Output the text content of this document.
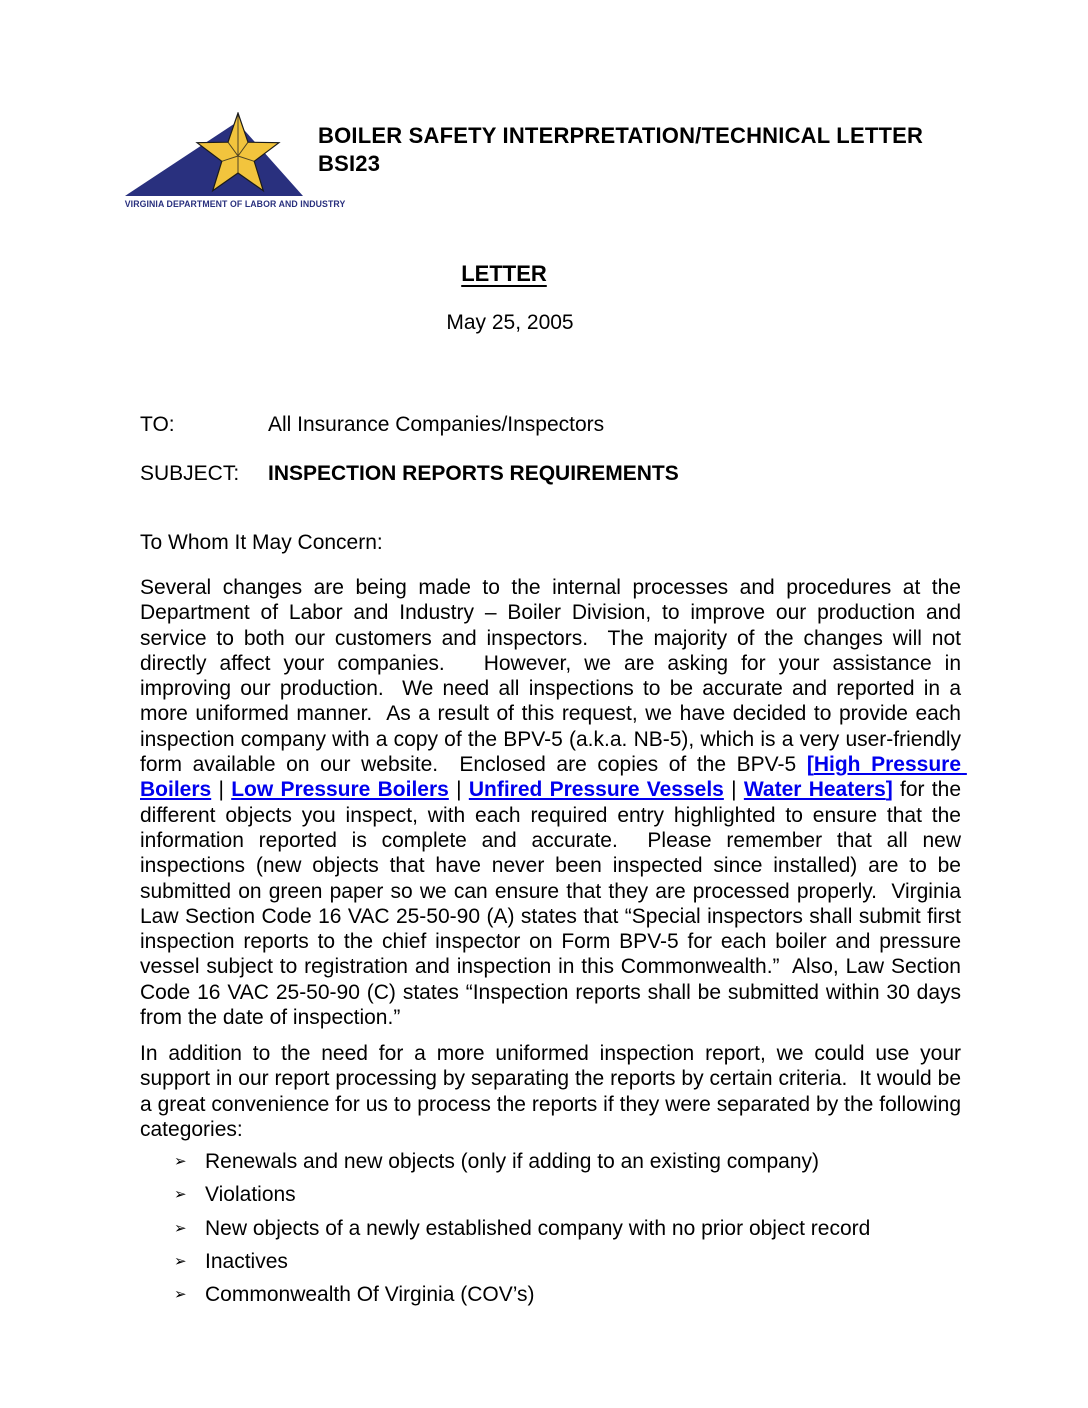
VIRGINIA DEPARTMENT OF LABOR AND INDUSTRY
BOILER SAFETY INTERPRETATION/TECHNICAL LETTER
BSI23
LETTER
May 25, 2005
TO:	All Insurance Companies/Inspectors
SUBJECT:	INSPECTION REPORTS REQUIREMENTS
To Whom It May Concern:
Several changes are being made to the internal processes and procedures at the Department of Labor and Industry – Boiler Division, to improve our production and service to both our customers and inspectors.  The majority of the changes will not directly affect your companies.   However, we are asking for your assistance in improving our production.  We need all inspections to be accurate and reported in a more uniformed manner.  As a result of this request, we have decided to provide each inspection company with a copy of the BPV-5 (a.k.a. NB-5), which is a very user-friendly form available on our website.  Enclosed are copies of the BPV-5 [High Pressure Boilers | Low Pressure Boilers | Unfired Pressure Vessels | Water Heaters] for the different objects you inspect, with each required entry highlighted to ensure that the information reported is complete and accurate.  Please remember that all new inspections (new objects that have never been inspected since installed) are to be submitted on green paper so we can ensure that they are processed properly.  Virginia Law Section Code 16 VAC 25-50-90 (A) states that “Special inspectors shall submit first inspection reports to the chief inspector on Form BPV-5 for each boiler and pressure vessel subject to registration and inspection in this Commonwealth.”  Also, Law Section Code 16 VAC 25-50-90 (C) states “Inspection reports shall be submitted within 30 days from the date of inspection.”
In addition to the need for a more uniformed inspection report, we could use your support in our report processing by separating the reports by certain criteria.  It would be a great convenience for us to process the reports if they were separated by the following categories:
➢ Renewals and new objects (only if adding to an existing company)
➢ Violations
➢ New objects of a newly established company with no prior object record
➢ Inactives
➢ Commonwealth Of Virginia (COV’s)
